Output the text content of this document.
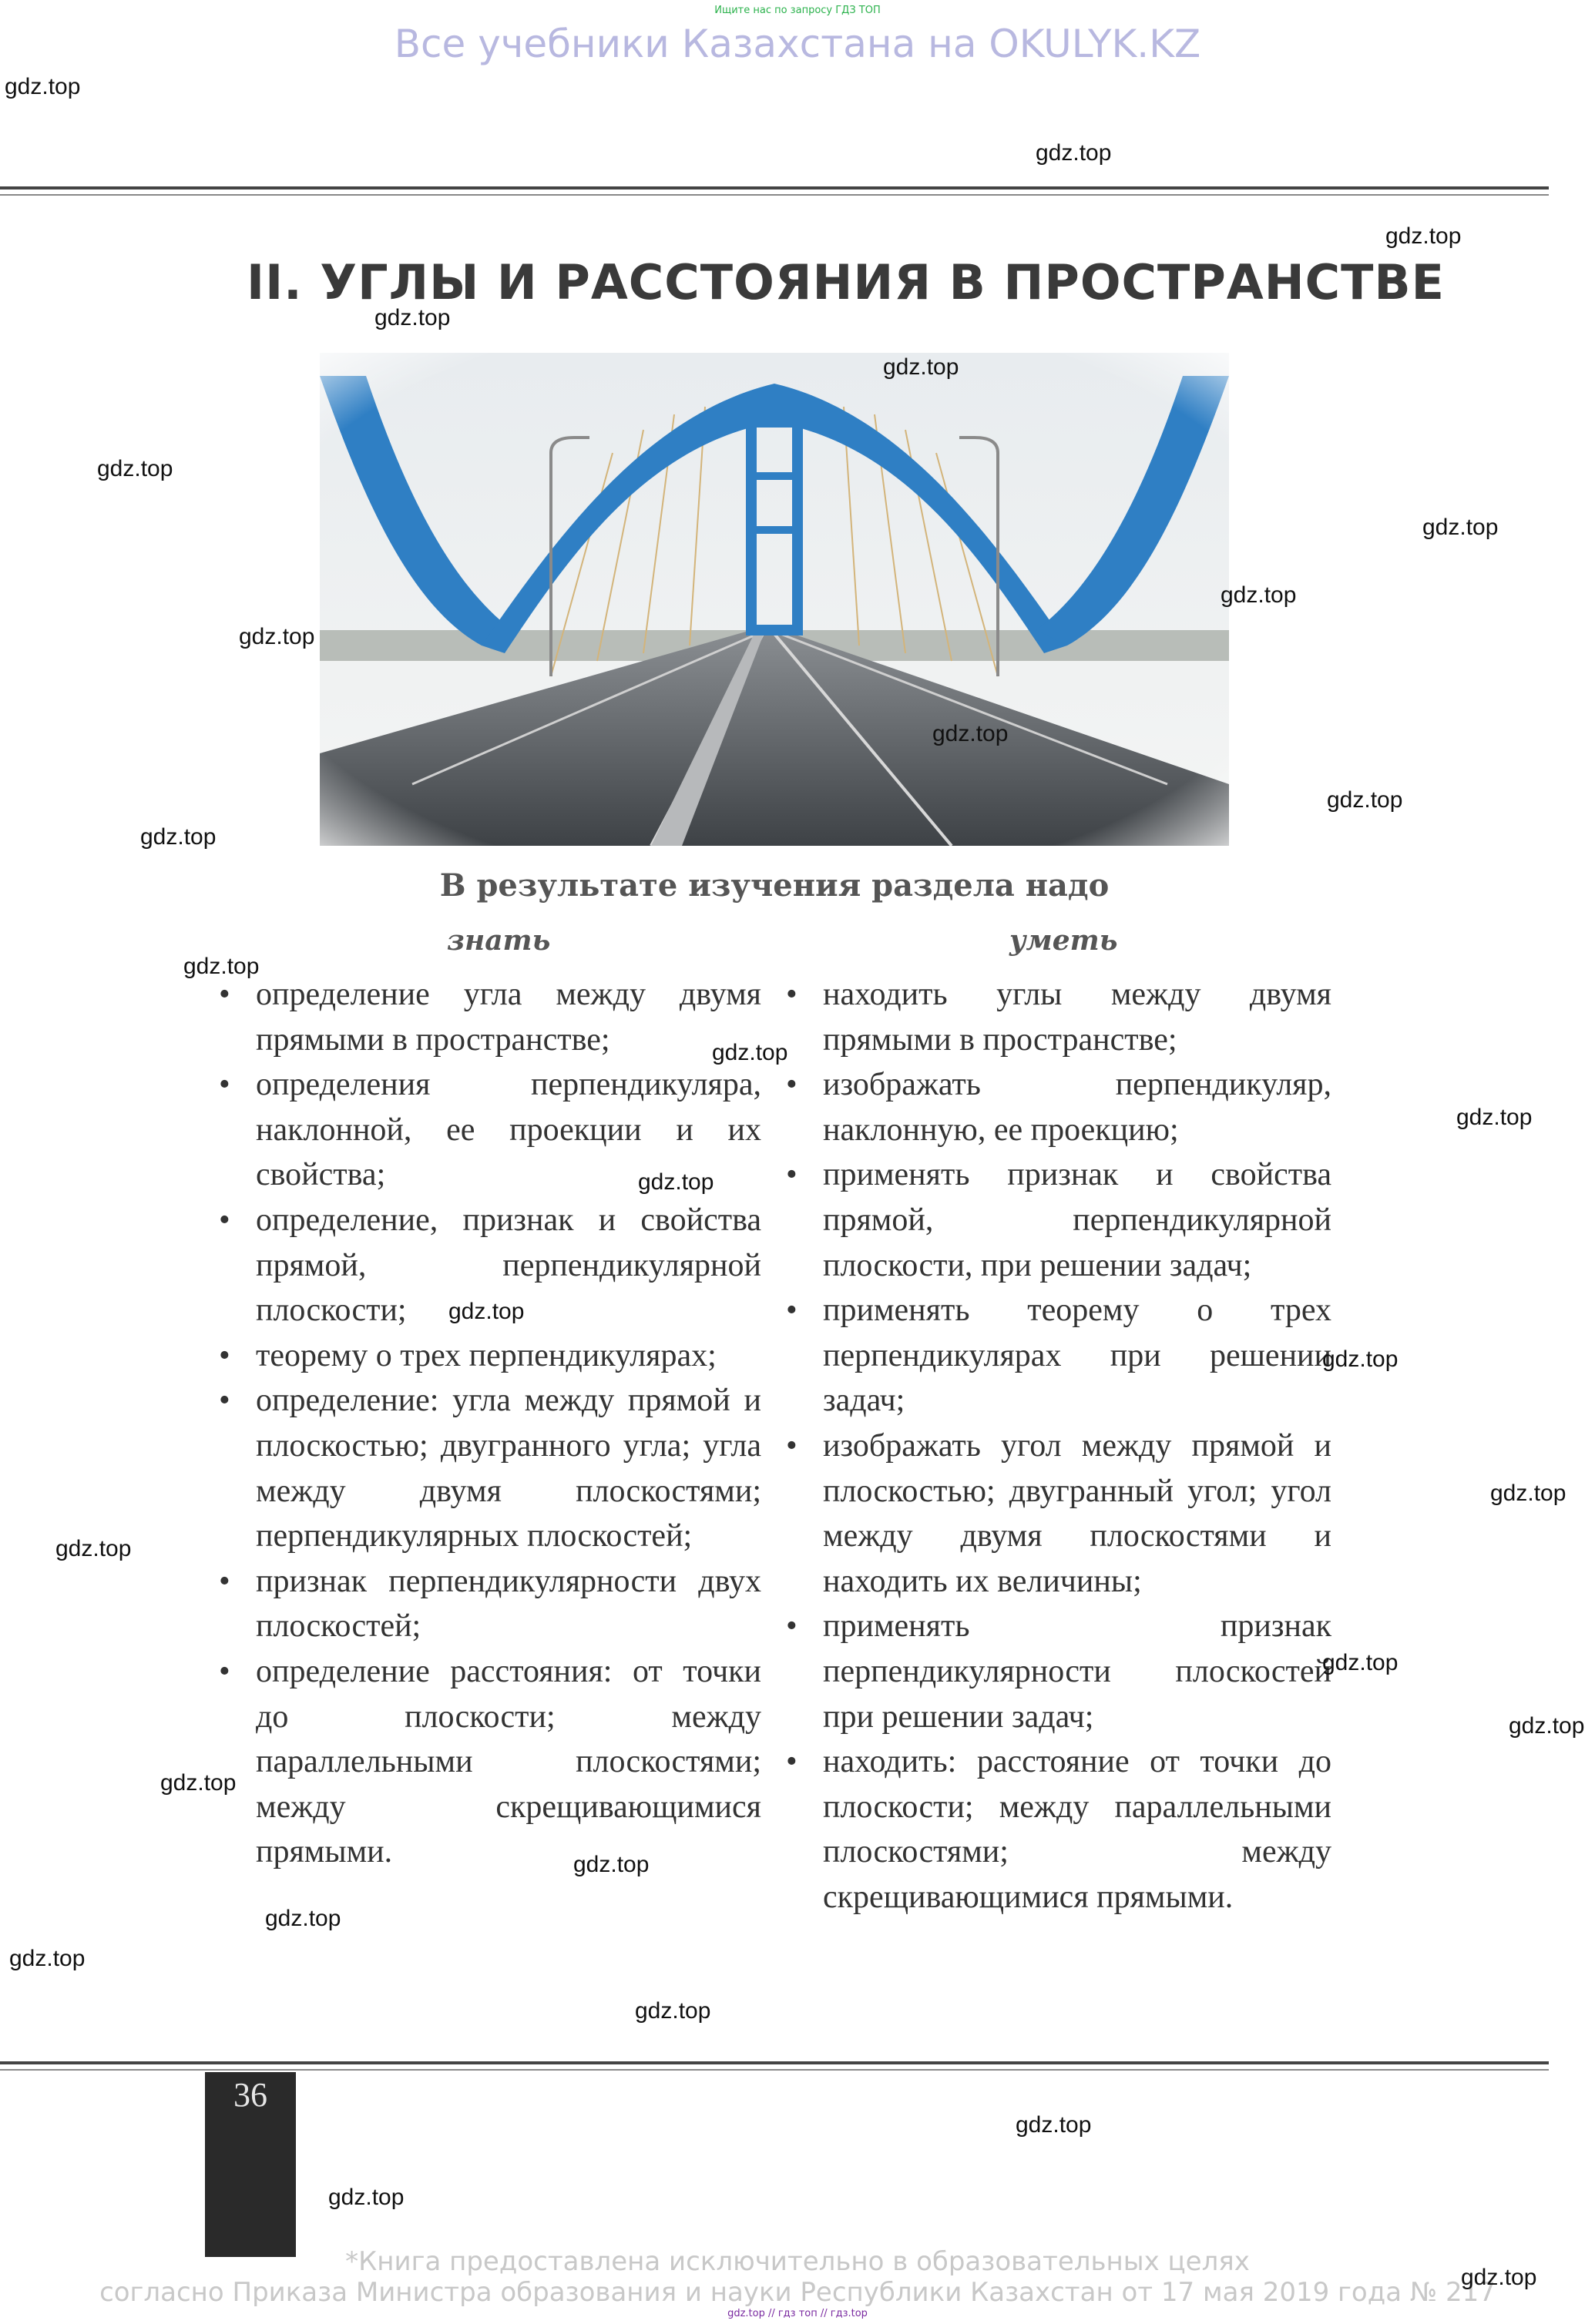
Ищите нас по запросу ГДЗ ТОП
Все учебники Казахстана на OKULYK.KZ
II. УГЛЫ И РАССТОЯНИЯ В ПРОСТРАНСТВЕ
В результате изучения раздела надо
знать	уметь
• определение угла между двумя прямыми в пространстве;
• определения перпендикуляра, наклонной, ее проекции и их свойства;
• определение, признак и свойства прямой, перпендикулярной плоскости;
• теорему о трех перпендикулярах;
• определение: угла между прямой и плоскостью; двугранного угла; угла между двумя плоскостями; перпендикулярных плоскостей;
• признак перпендикулярности двух плоскостей;
• определение расстояния: от точки до плоскости; между параллельными плоскостями; между скрещивающимися прямыми.
• находить углы между двумя прямыми в пространстве;
• изображать перпендикуляр, наклонную, ее проекцию;
• применять признак и свойства прямой, перпендикулярной плоскости, при решении задач;
• применять теорему о трех перпендикулярах при решении задач;
• изображать угол между прямой и плоскостью; двугранный угол; угол между двумя плоскостями и находить их величины;
• применять признак перпендикулярности плоскостей при решении задач;
• находить: расстояние от точки до плоскости; между параллельными плоскостями; между скрещивающимися прямыми.
36
*Книга предоставлена исключительно в образовательных целях
согласно Приказа Министра образования и науки Республики Казахстан от 17 мая 2019 года № 217
gdz.top // гдз топ // гдз.top
gdz.top
gdz.top
gdz.top
gdz.top
gdz.top
gdz.top
gdz.top
gdz.top
gdz.top
gdz.top
gdz.top
gdz.top
gdz.top
gdz.top
gdz.top
gdz.top
gdz.top
gdz.top
gdz.top
gdz.top
gdz.top
gdz.top
gdz.top
gdz.top
gdz.top
gdz.top
gdz.top
gdz.top
gdz.top
gdz.top
